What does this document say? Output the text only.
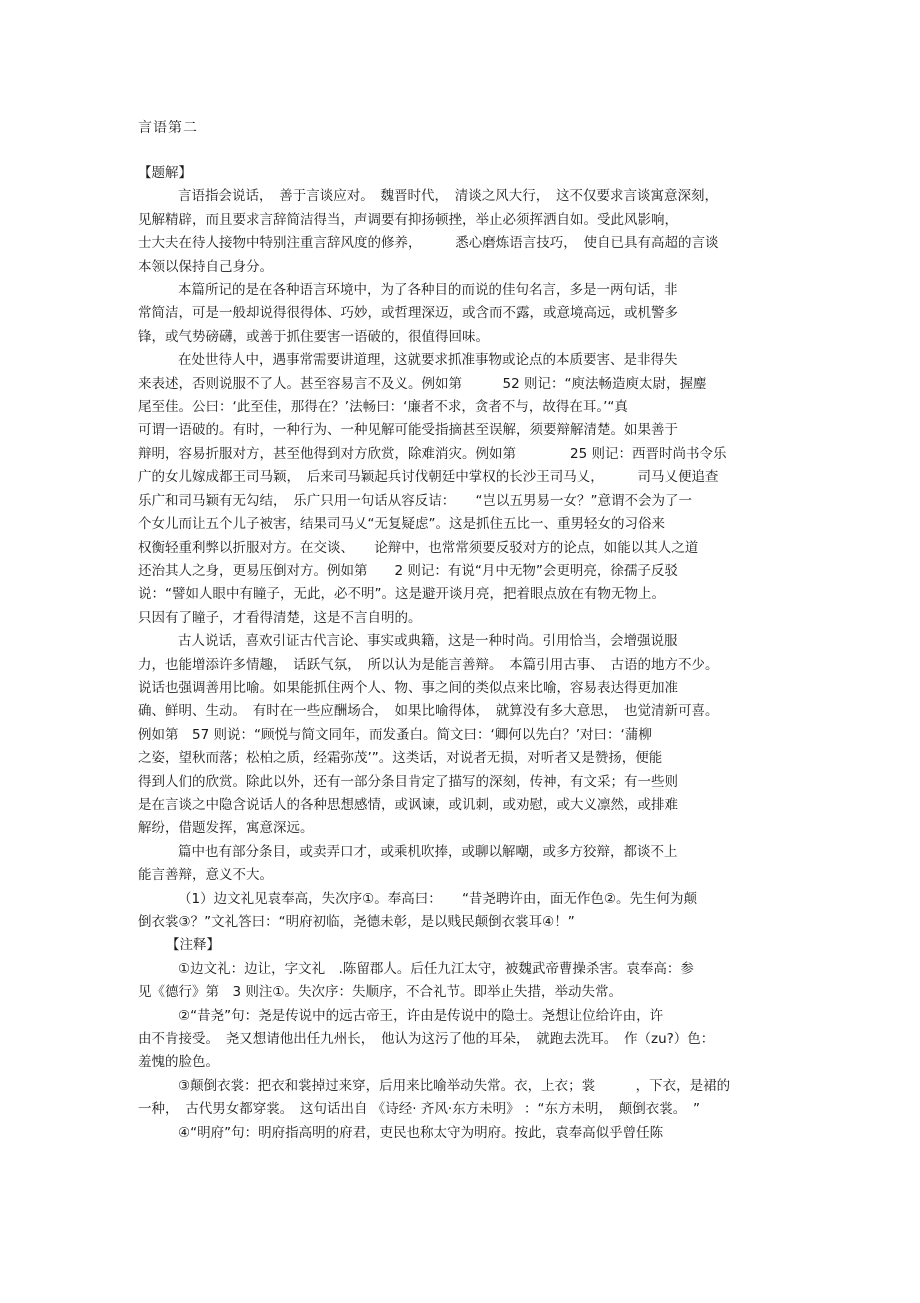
言语第二

【题解】

言语指会说话，　善于言谈应对。　魏晋时代，　清谈之风大行，　这不仅要求言谈寓意深刻，

见解精辟，而且要求言辞简洁得当，声调要有抑扬顿挫，举止必须挥洒自如。受此风影响，

士大夫在待人接物中特别注重言辞风度的修养，　　　悉心磨炼语言技巧，　使自已具有高超的言谈

本领以保持自己身分。

本篇所记的是在各种语言环境中，为了各种目的而说的佳句名言，多是一两句话，非

常简洁，可是一般却说得很得体、巧妙，或哲理深迈，或含而不露，或意境高远，或机警多

锋，或气势磅礴，或善于抓住要害一语破的，很值得回味。

在处世待人中，遇事常需要讲道理，这就要求抓准事物或论点的本质要害、是非得失

来表述，否则说服不了人。甚至容易言不及义。例如第　　　52 则记：“庾法畅造庾太尉，握麈

尾至佳。公曰：‘此至佳，那得在？’法畅曰：‘廉者不求，贪者不与，故得在耳。’“真

可谓一语破的。有时，一种行为、一种见解可能受指摘甚至误解，须要辩解清楚。如果善于

辩明，容易折服对方，甚至他得到对方欣赏，除难消灾。例如第　　　　25 则记：西晋时尚书令乐

广的女儿嫁成都王司马颖，　后来司马颖起兵讨伐朝廷中掌权的长沙王司马乂，　　　司马乂便追查

乐广和司马颖有无勾结，　乐广只用一句话从容反诘：　　“岂以五男易一女？”意谓不会为了一

个女儿而让五个儿子被害，结果司马乂“无复疑虑”。这是抓住五比一、重男轻女的习俗来

权衡轻重利弊以折服对方。在交谈、　　论辩中，也常常须要反驳对方的论点，如能以其人之道

还治其人之身，更易压倒对方。例如第　　2 则记：有说“月中无物”会更明亮，徐孺子反驳

说：“譬如人眼中有瞳子，无此，必不明”。这是避开谈月亮，把着眼点放在有物无物上。

只因有了瞳子，才看得清楚，这是不言自明的。

古人说话，喜欢引证古代言论、事实或典籍，这是一种时尚。引用恰当，会增强说服

力，也能增添许多情趣，　话跃气氛，　所以认为是能言善辩。　本篇引用古事、　古语的地方不少。

说话也强调善用比喻。如果能抓住两个人、物、事之间的类似点来比喻，容易表达得更加准

确、鲜明、生动。　有时在一些应酬场合，　如果比喻得体，　就算没有多大意思，　也觉清新可喜。

例如第　57 则说：“顾悦与简文同年，而发蚤白。简文曰：‘卿何以先白？’对曰：‘蒲柳

之姿，望秋而落；松柏之质，经霜弥茂’”。这类话，对说者无损，对听者又是赞扬，便能

得到人们的欣赏。除此以外，还有一部分条目肯定了描写的深刻，传神，有文采；有一些则

是在言谈之中隐含说话人的各种思想感情，或讽谏，或讥刺，或劝慰，或大义凛然，或排难

解纷，借题发挥，寓意深远。

篇中也有部分条目，或卖弄口才，或乘机吹捧，或聊以解嘲，或多方狡辩，都谈不上

能言善辩，意义不大。

（1）边文礼见袁奉高，失次序①。奉高曰：　　“昔尧聘许由，面无作色②。先生何为颠

倒衣裳③？”文礼答曰：“明府初临，尧德未彰，是以贱民颠倒衣裳耳④！”

【注释】

①边文礼：边让，字文礼　.陈留郡人。后任九江太守，被魏武帝曹操杀害。袁奉高：参

见《德行》第　3 则注①。失次序：失顺序，不合礼节。即举止失措，举动失常。

②“昔尧”句：尧是传说中的远古帝王，许由是传说中的隐士。尧想让位给许由，许

由不肯接受。　尧又想请他出任九州长，　他认为这污了他的耳朵，　就跑去洗耳。　作（zu?）色：

羞愧的脸色。

③颠倒衣裳：把衣和裳掉过来穿，后用来比喻举动失常。衣，上衣；裳　　　，下衣，是裙的

一种，　古代男女都穿裳。　这句话出自 《诗经· 齐风·东方未明》 ：“东方未明，　颠倒衣裳。　”

④“明府”句：明府指高明的府君，吏民也称太守为明府。按此，袁奉高似乎曾任陈
